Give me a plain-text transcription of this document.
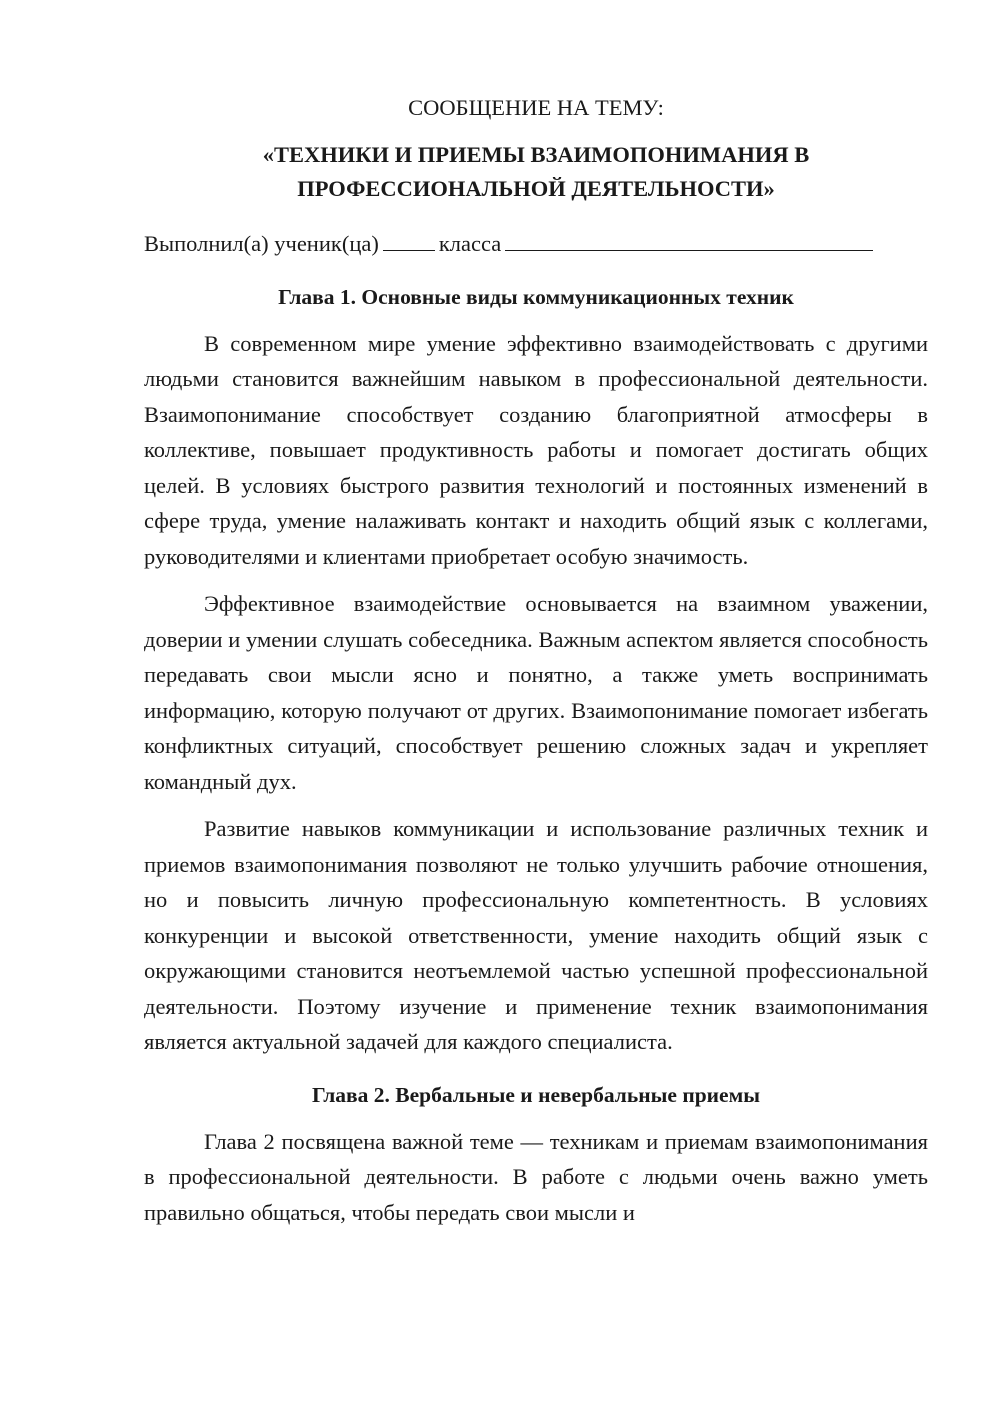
СООБЩЕНИЕ НА ТЕМУ:
«ТЕХНИКИ И ПРИЕМЫ ВЗАИМОПОНИМАНИЯ В ПРОФЕССИОНАЛЬНОЙ ДЕЯТЕЛЬНОСТИ»
Выполнил(а) ученик(ца)	класса
Глава 1. Основные виды коммуникационных техник

В современном мире умение эффективно взаимодействовать с другими людьми становится важнейшим навыком в профессиональной деятельности. Взаимопонимание способствует созданию благоприятной атмосферы в коллективе, повышает продуктивность работы и помогает достигать общих целей. В условиях быстрого развития технологий и постоянных изменений в сфере труда, умение налаживать контакт и находить общий язык с коллегами, руководителями и клиентами приобретает особую значимость.

Эффективное взаимодействие основывается на взаимном уважении, доверии и умении слушать собеседника. Важным аспектом является способность передавать свои мысли ясно и понятно, а также уметь воспринимать информацию, которую получают от других. Взаимопонимание помогает избегать конфликтных ситуаций, способствует решению сложных задач и укрепляет командный дух.

Развитие навыков коммуникации и использование различных техник и приемов взаимопонимания позволяют не только улучшить рабочие отношения, но и повысить личную профессиональную компетентность. В условиях конкуренции и высокой ответственности, умение находить общий язык с окружающими становится неотъемлемой частью успешной профессиональной деятельности. Поэтому изучение и применение техник взаимопонимания является актуальной задачей для каждого специалиста.

Глава 2. Вербальные и невербальные приемы

Глава 2 посвящена важной теме — техникам и приемам взаимопонимания в профессиональной деятельности. В работе с людьми очень важно уметь правильно общаться, чтобы передать свои мысли и
